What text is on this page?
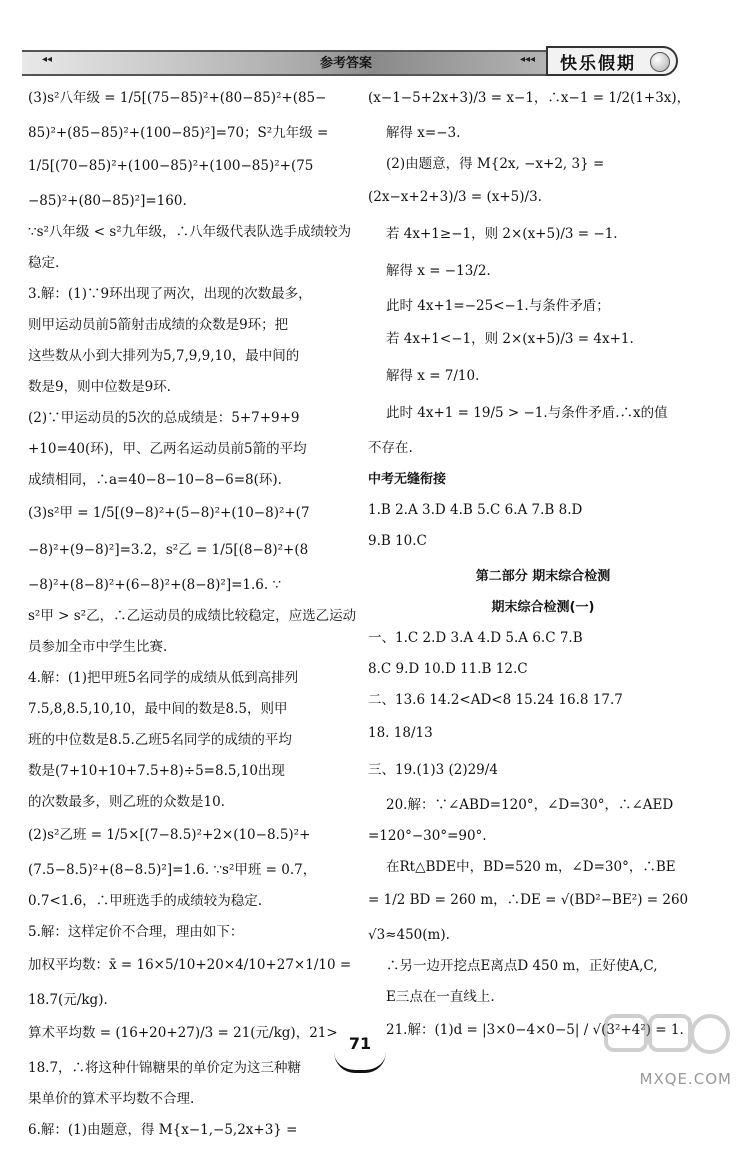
◂◂	参考答案	◂◂◂ 快乐假期
(3)s²八年级 = 1/5[(75−85)²+(80−85)²+(85−
85)²+(85−85)²+(100−85)²]=70；S²九年级 =
1/5[(70−85)²+(100−85)²+(100−85)²+(75
−85)²+(80−85)²]=160.
∵s²八年级 < s²九年级，∴八年级代表队选手成绩较为
稳定.
3.解：(1)∵9环出现了两次，出现的次数最多，
则甲运动员前5箭射击成绩的众数是9环；把
这些数从小到大排列为5,7,9,9,10，最中间的
数是9，则中位数是9环.
(2)∵甲运动员的5次的总成绩是：5+7+9+9
+10=40(环)，甲、乙两名运动员前5箭的平均
成绩相同，∴a=40−8−10−8−6=8(环).
(3)s²甲 = 1/5[(9−8)²+(5−8)²+(10−8)²+(7
−8)²+(9−8)²]=3.2，s²乙 = 1/5[(8−8)²+(8
−8)²+(8−8)²+(6−8)²+(8−8)²]=1.6. ∵
s²甲 > s²乙，∴乙运动员的成绩比较稳定，应选乙运动
员参加全市中学生比赛.
4.解：(1)把甲班5名同学的成绩从低到高排列
7.5,8,8.5,10,10，最中间的数是8.5，则甲
班的中位数是8.5.乙班5名同学的成绩的平均
数是(7+10+10+7.5+8)÷5=8.5,10出现
的次数最多，则乙班的众数是10.
(2)s²乙班 = 1/5×[(7−8.5)²+2×(10−8.5)²+
(7.5−8.5)²+(8−8.5)²]=1.6. ∵s²甲班 = 0.7，
0.7<1.6，∴甲班选手的成绩较为稳定.
5.解：这样定价不合理，理由如下：
加权平均数：x̄ = 16×5/10+20×4/10+27×1/10 =
18.7(元/kg).
算术平均数 = (16+20+27)/3 = 21(元/kg)，21>
18.7，∴将这种什锦糖果的单价定为这三种糖
果单价的算术平均数不合理.
6.解：(1)由题意，得 M{x−1,−5,2x+3} =
(x−1−5+2x+3)/3 = x−1，∴x−1 = 1/2(1+3x)，
解得 x=−3.
(2)由题意，得 M{2x, −x+2, 3} =
(2x−x+2+3)/3 = (x+5)/3.
若 4x+1≥−1，则 2×(x+5)/3 = −1.
解得 x = −13/2.
此时 4x+1=−25<−1.与条件矛盾；
若 4x+1<−1，则 2×(x+5)/3 = 4x+1.
解得 x = 7/10.
此时 4x+1 = 19/5 > −1.与条件矛盾.∴x的值
不存在.
中考无缝衔接
1.B 2.A 3.D 4.B 5.C 6.A 7.B 8.D
9.B 10.C
第二部分 期末综合检测
期末综合检测(一)
一、1.C 2.D 3.A 4.D 5.A 6.C 7.B
8.C 9.D 10.D 11.B 12.C
二、13.6 14.2<AD<8 15.24 16.8 17.7
18. 18/13
三、19.(1)3 (2)29/4
20.解：∵∠ABD=120°，∠D=30°，∴∠AED
=120°−30°=90°.
在Rt△BDE中，BD=520 m，∠D=30°，∴BE
= 1/2 BD = 260 m，∴DE = √(BD²−BE²) = 260
√3≈450(m).
∴另一边开挖点E离点D 450 m，正好使A,C,
E三点在一直线上.
21.解：(1)d = |3×0−4×0−5| / √(3²+4²) = 1.
71
MXQE.COM
